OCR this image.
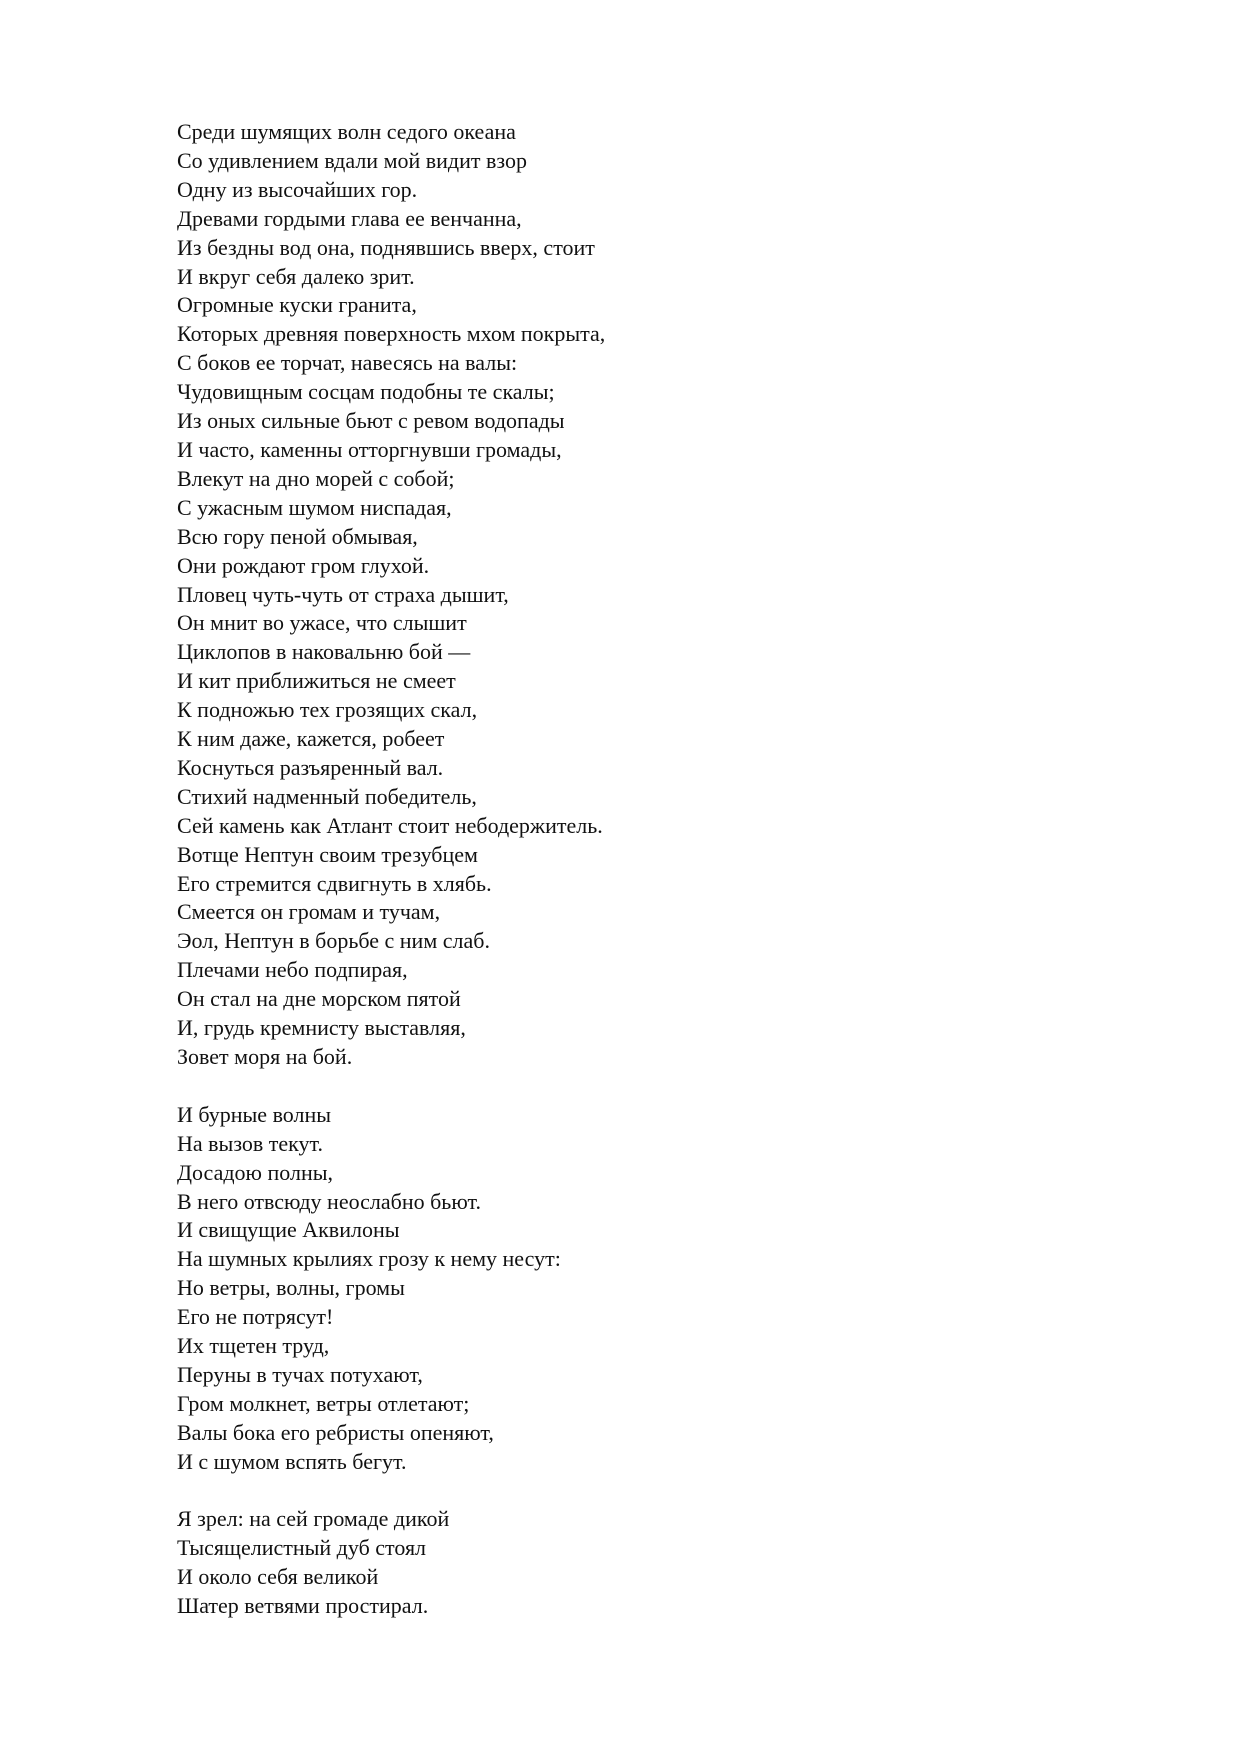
Среди шумящих волн седого океана
Со удивлением вдали мой видит взор
Одну из высочайших гор.
Древами гордыми глава ее венчанна,
Из бездны вод она, поднявшись вверх, стоит
И вкруг себя далеко зрит.
Огромные куски гранита,
Которых древняя поверхность мхом покрыта,
С боков ее торчат, навесясь на валы:
Чудовищным сосцам подобны те скалы;
Из оных сильные бьют с ревом водопады
И часто, каменны отторгнувши громады,
Влекут на дно морей с собой;
С ужасным шумом ниспадая,
Всю гору пеной обмывая,
Они рождают гром глухой.
Пловец чуть-чуть от страха дышит,
Он мнит во ужасе, что слышит
Циклопов в наковальню бой —
И кит приближиться не смеет
К подножью тех грозящих скал,
К ним даже, кажется, робеет
Коснуться разъяренный вал.
Стихий надменный победитель,
Сей камень как Атлант стоит небодержитель.
Вотще Нептун своим трезубцем
Его стремится сдвигнуть в хлябь.
Смеется он громам и тучам,
Эол, Нептун в борьбе с ним слаб.
Плечами небо подпирая,
Он стал на дне морском пятой
И, грудь кремнисту выставляя,
Зовет моря на бой.
И бурные волны
На вызов текут.
Досадою полны,
В него отвсюду неослабно бьют.
И свищущие Аквилоны
На шумных крылиях грозу к нему несут:
Но ветры, волны, громы
Его не потрясут!
Их тщетен труд,
Перуны в тучах потухают,
Гром молкнет, ветры отлетают;
Валы бока его ребристы опеняют,
И с шумом вспять бегут.
Я зрел: на сей громаде дикой
Тысящелистный дуб стоял
И около себя великой
Шатер ветвями простирал.
